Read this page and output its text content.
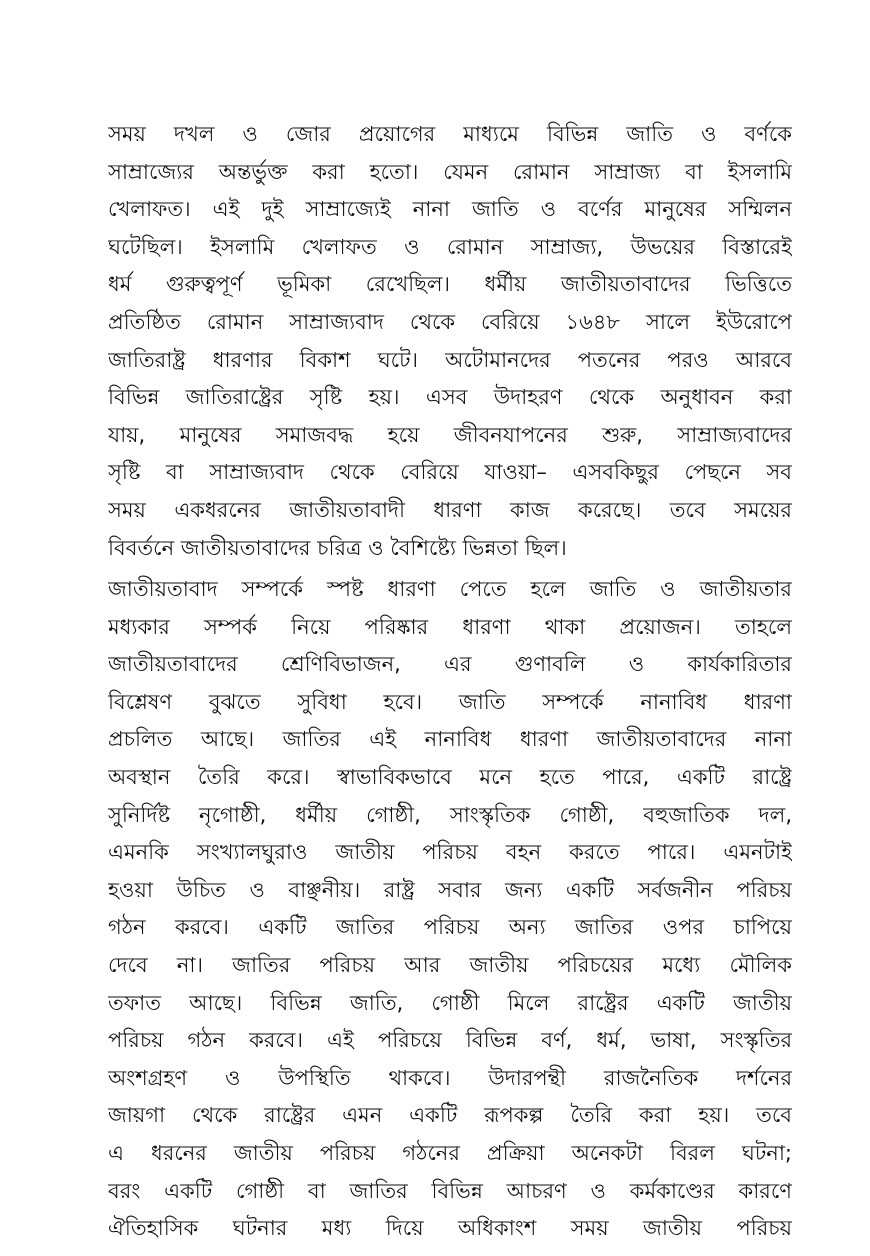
সময় দখল ও জোর প্রয়োগের মাধ্যমে বিভিন্ন জাতি ও বর্ণকে
সাম্রাজ্যের অন্তর্ভুক্ত করা হতো। যেমন রোমান সাম্রাজ্য বা ইসলামি
খেলাফত। এই দুই সাম্রাজ্যেই নানা জাতি ও বর্ণের মানুষের সম্মিলন
ঘটেছিল। ইসলামি খেলাফত ও রোমান সাম্রাজ্য, উভয়ের বিস্তারেই
ধর্ম গুরুত্বপূর্ণ ভূমিকা রেখেছিল। ধর্মীয় জাতীয়তাবাদের ভিত্তিতে
প্রতিষ্ঠিত রোমান সাম্রাজ্যবাদ থেকে বেরিয়ে ১৬৪৮ সালে ইউরোপে
জাতিরাষ্ট্র ধারণার বিকাশ ঘটে। অটোমানদের পতনের পরও আরবে
বিভিন্ন জাতিরাষ্ট্রের সৃষ্টি হয়। এসব উদাহরণ থেকে অনুধাবন করা
যায়, মানুষের সমাজবদ্ধ হয়ে জীবনযাপনের শুরু, সাম্রাজ্যবাদের
সৃষ্টি বা সাম্রাজ্যবাদ থেকে বেরিয়ে যাওয়া– এসবকিছুর পেছনে সব
সময় একধরনের জাতীয়তাবাদী ধারণা কাজ করেছে। তবে সময়ের
বিবর্তনে জাতীয়তাবাদের চরিত্র ও বৈশিষ্ট্যে ভিন্নতা ছিল।
জাতীয়তাবাদ সম্পর্কে স্পষ্ট ধারণা পেতে হলে জাতি ও জাতীয়তার
মধ্যকার সম্পর্ক নিয়ে পরিষ্কার ধারণা থাকা প্রয়োজন। তাহলে
জাতীয়তাবাদের শ্রেণিবিভাজন, এর গুণাবলি ও কার্যকারিতার
বিশ্লেষণ বুঝতে সুবিধা হবে। জাতি সম্পর্কে নানাবিধ ধারণা
প্রচলিত আছে। জাতির এই নানাবিধ ধারণা জাতীয়তাবাদের নানা
অবস্থান তৈরি করে। স্বাভাবিকভাবে মনে হতে পারে, একটি রাষ্ট্রে
সুনির্দিষ্ট নৃগোষ্ঠী, ধর্মীয় গোষ্ঠী, সাংস্কৃতিক গোষ্ঠী, বহুজাতিক দল,
এমনকি সংখ্যালঘুরাও জাতীয় পরিচয় বহন করতে পারে। এমনটাই
হওয়া উচিত ও বাঞ্ছনীয়। রাষ্ট্র সবার জন্য একটি সর্বজনীন পরিচয়
গঠন করবে। একটি জাতির পরিচয় অন্য জাতির ওপর চাপিয়ে
দেবে না। জাতির পরিচয় আর জাতীয় পরিচয়ের মধ্যে মৌলিক
তফাত আছে। বিভিন্ন জাতি, গোষ্ঠী মিলে রাষ্ট্রের একটি জাতীয়
পরিচয় গঠন করবে। এই পরিচয়ে বিভিন্ন বর্ণ, ধর্ম, ভাষা, সংস্কৃতির
অংশগ্রহণ ও উপস্থিতি থাকবে। উদারপন্থী রাজনৈতিক দর্শনের
জায়গা থেকে রাষ্ট্রের এমন একটি রূপকল্প তৈরি করা হয়। তবে
এ ধরনের জাতীয় পরিচয় গঠনের প্রক্রিয়া অনেকটা বিরল ঘটনা;
বরং একটি গোষ্ঠী বা জাতির বিভিন্ন আচরণ ও কর্মকাণ্ডের কারণে
ঐতিহাসিক ঘটনার মধ্য দিয়ে অধিকাংশ সময় জাতীয় পরিচয়
